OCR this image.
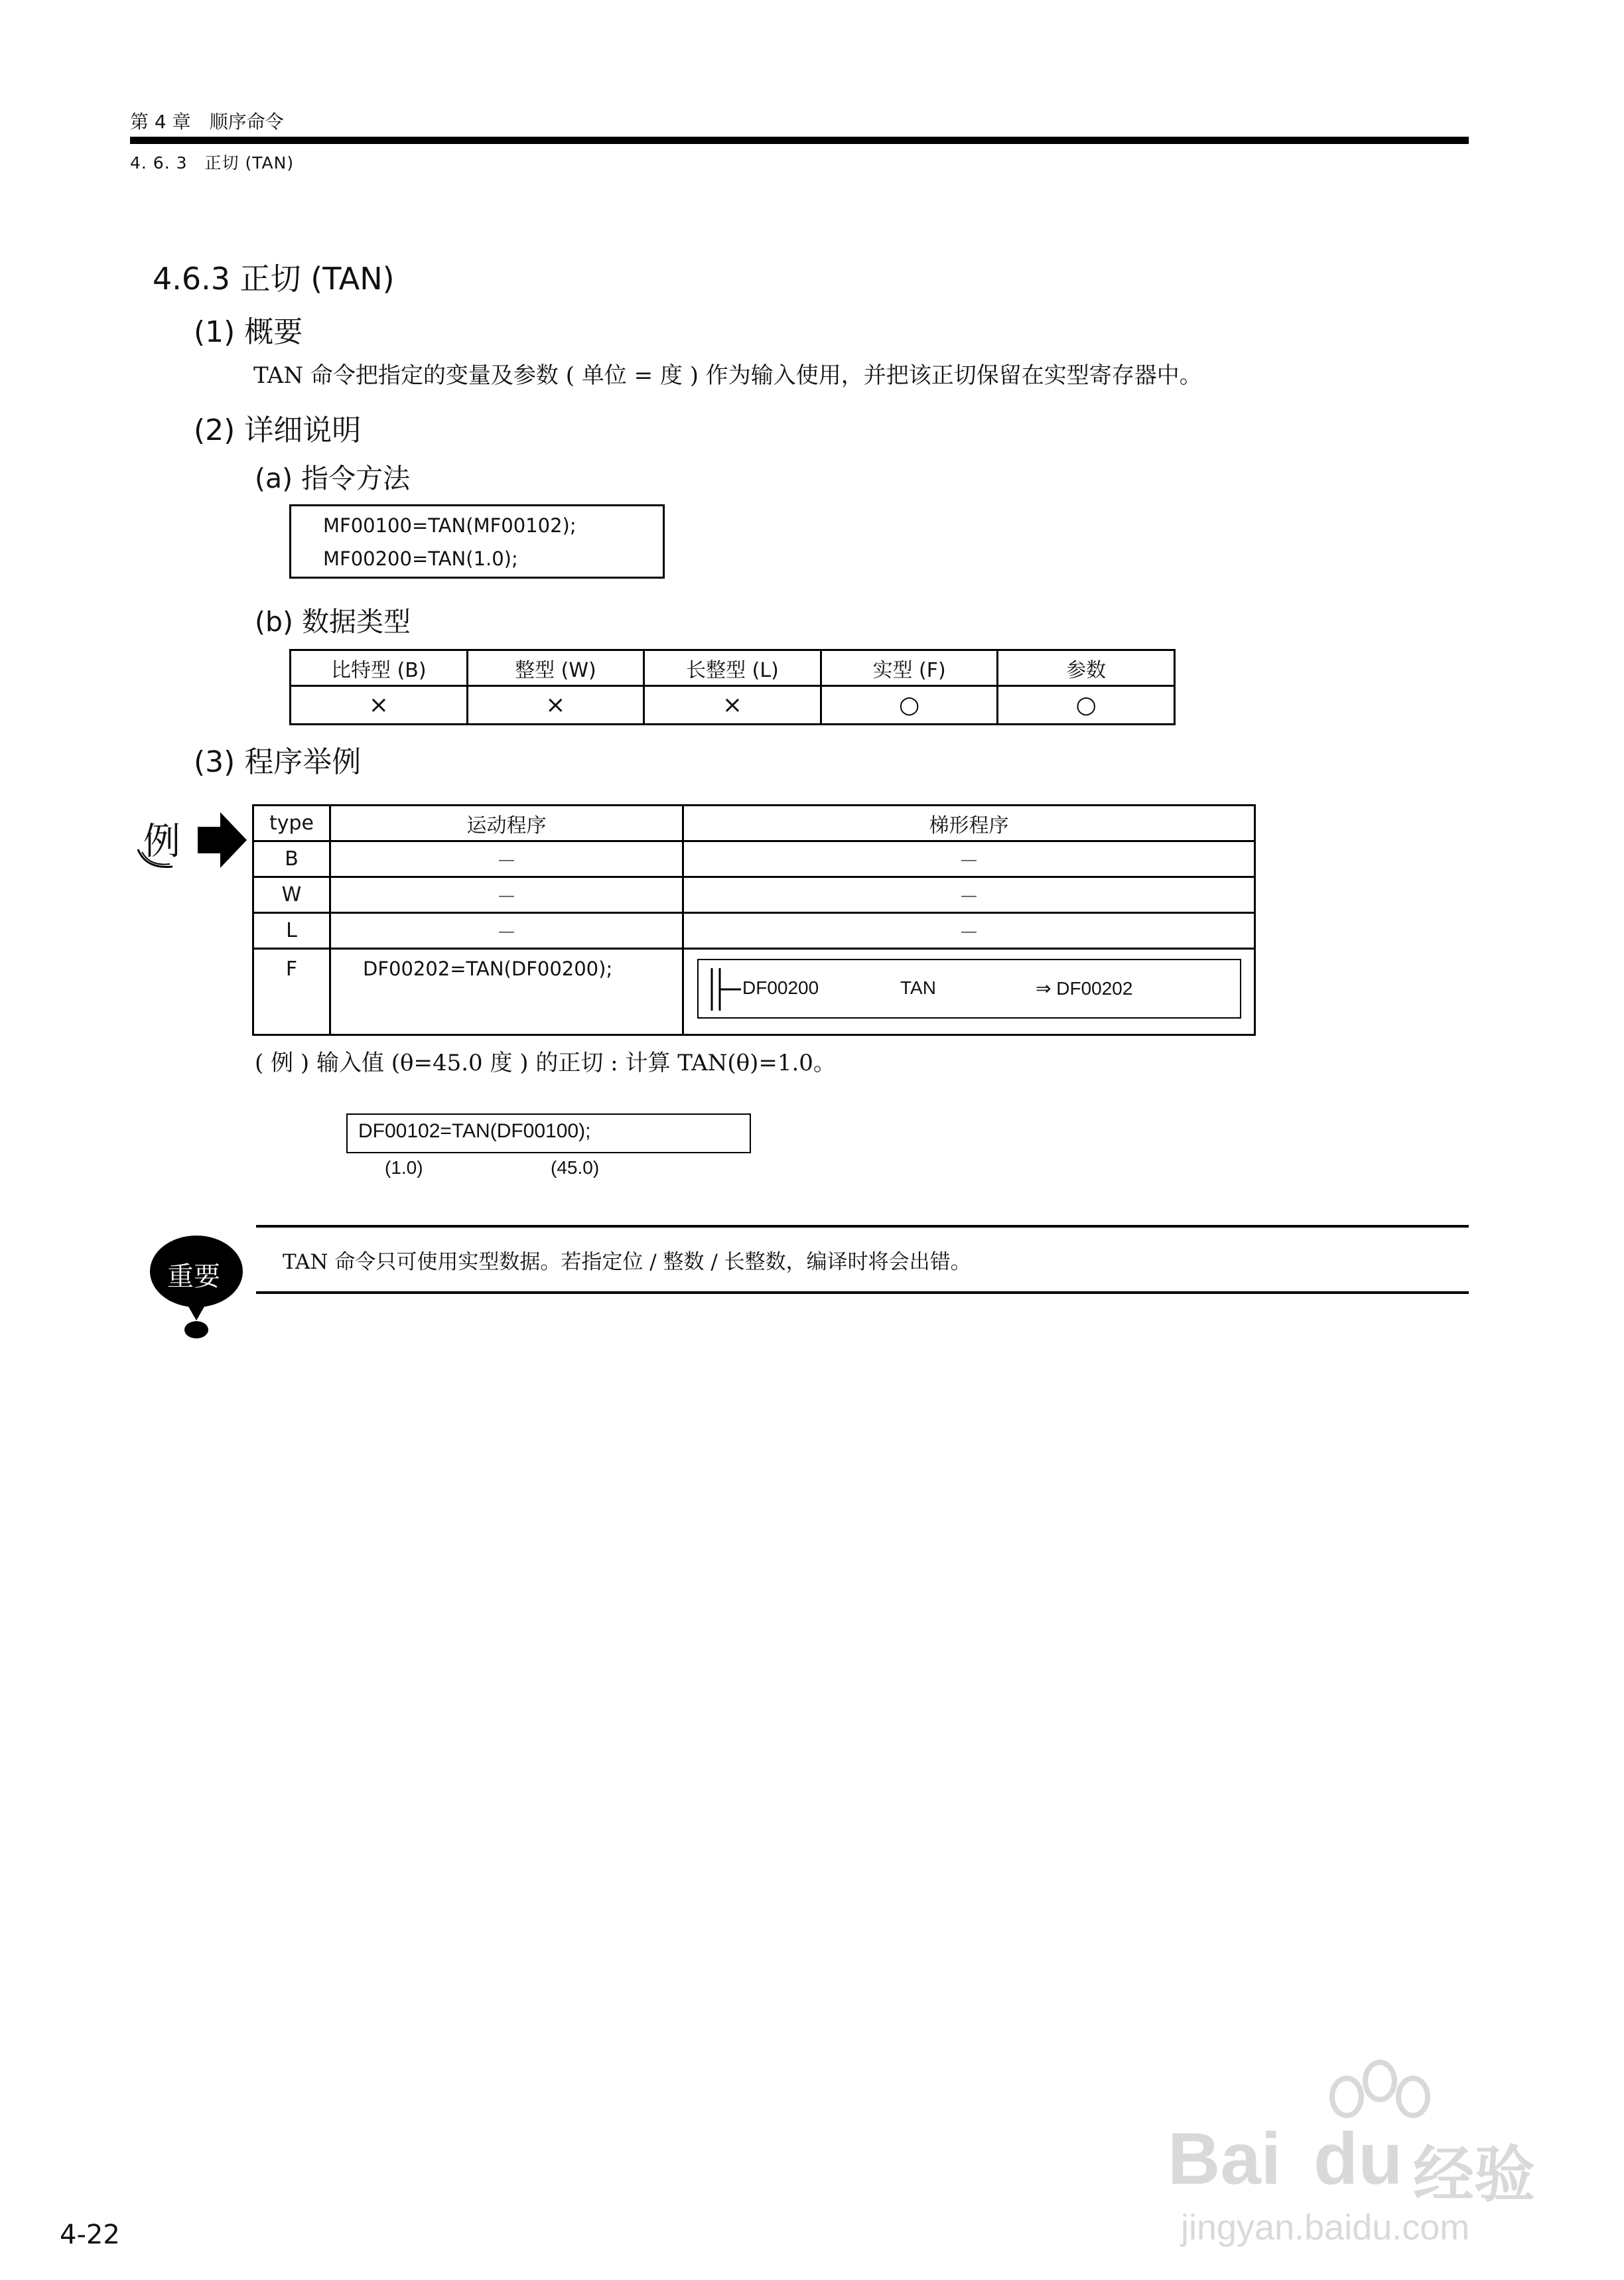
第 4 章　顺序命令
4. 6. 3　正切 (TAN)
4.6.3 正切 (TAN)
(1) 概要
TAN 命令把指定的变量及参数 ( 单位 = 度 ) 作为输入使用，并把该正切保留在实型寄存器中。
(2) 详细说明
(a) 指令方法
MF00100=TAN(MF00102);
MF00200=TAN(1.0);
(b) 数据类型
比特型 (B)	整型 (W)	长整型 (L)	实型 (F)	参数
×	×	×	○	○
(3) 程序举例
例	type	运动程序	梯形程序
B	－	－
W	－	－
L	－	－
F	DF00202=TAN(DF00200);	DF00200 TAN ⇒ DF00202
( 例 ) 输入值 (θ=45.0 度 ) 的正切 : 计算 TAN(θ)=1.0。
DF00102=TAN(DF00100);
(1.0)	(45.0)
重要	TAN 命令只可使用实型数据。若指定位 / 整数 / 长整数，编译时将会出错。
4-22
Bai du 经验
jingyan.baidu.com
